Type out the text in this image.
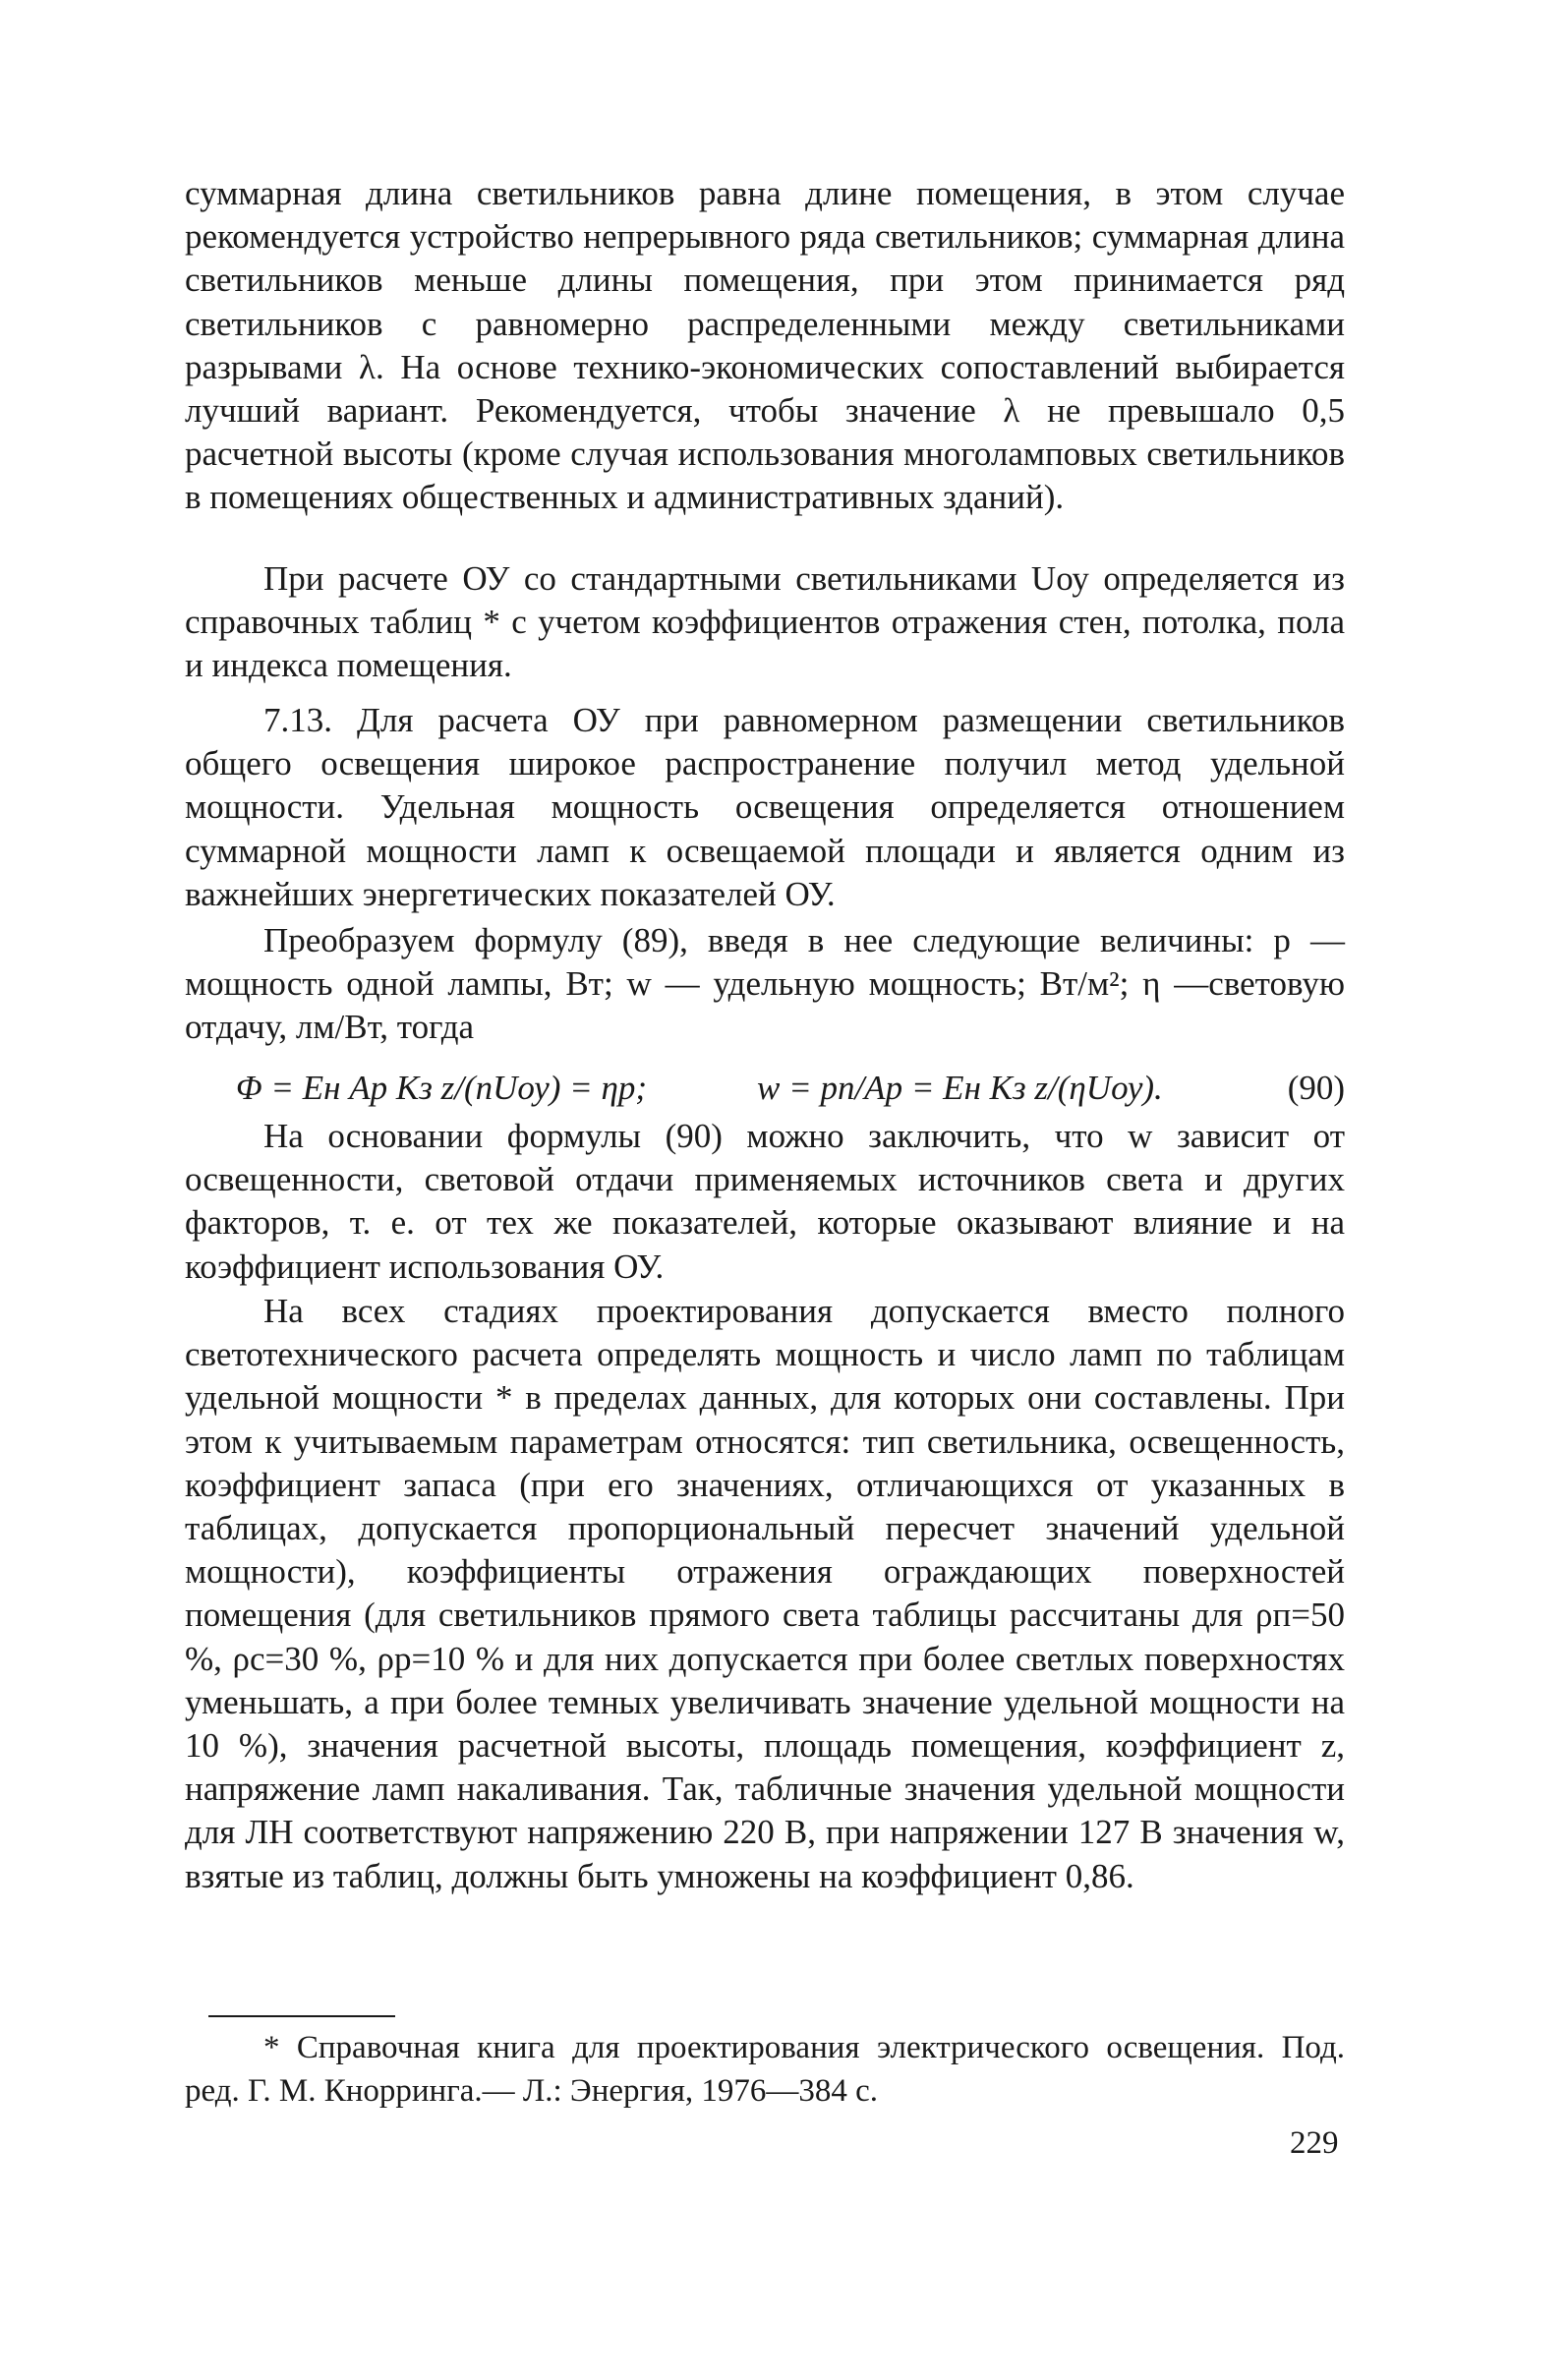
суммарная длина светильников равна длине помещения, в этом случае рекомендуется устройство непрерывного ряда светильников; суммарная длина светильников меньше длины помещения, при этом принимается ряд светильников с равномерно распределенными между светильниками разрывами λ. На основе технико-экономических сопоставлений выбирается лучший вариант. Рекомендуется, чтобы значение λ не превышало 0,5 расчетной высоты (кроме случая использования многоламповых светильников в помещениях общественных и административных зданий).

При расчете ОУ со стандартными светильниками Uоу определяется из справочных таблиц * с учетом коэффициентов отражения стен, потолка, пола и индекса помещения.

7.13. Для расчета ОУ при равномерном размещении светильников общего освещения широкое распространение получил метод удельной мощности. Удельная мощность освещения определяется отношением суммарной мощности ламп к освещаемой площади и является одним из важнейших энергетических показателей ОУ.

Преобразуем формулу (89), введя в нее следующие величины: p — мощность одной лампы, Вт; w — удельную мощность; Вт/м²; η —световую отдачу, лм/Вт, тогда

Φ = Eн Aр Kз z/(nUоу) = ηp;	w = pn/Aр = Eн Kз z/(ηUоу).	(90)

На основании формулы (90) можно заключить, что w зависит от освещенности, световой отдачи применяемых источников света и других факторов, т. е. от тех же показателей, которые оказывают влияние и на коэффициент использования ОУ.

На всех стадиях проектирования допускается вместо полного светотехнического расчета определять мощность и число ламп по таблицам удельной мощности * в пределах данных, для которых они составлены. При этом к учитываемым параметрам относятся: тип светильника, освещенность, коэффициент запаса (при его значениях, отличающихся от указанных в таблицах, допускается пропорциональный пересчет значений удельной мощности), коэффициенты отражения ограждающих поверхностей помещения (для светильников прямого света таблицы рассчитаны для ρп=50 %, ρс=30 %, ρр=10 % и для них допускается при более светлых поверхностях уменьшать, а при более темных увеличивать значение удельной мощности на 10 %), значения расчетной высоты, площадь помещения, коэффициент z, напряжение ламп накаливания. Так, табличные значения удельной мощности для ЛН соответствуют напряжению 220 В, при напряжении 127 В значения w, взятые из таблиц, должны быть умножены на коэффициент 0,86.

* Справочная книга для проектирования электрического освещения. Под. ред. Г. М. Кнорринга.— Л.: Энергия, 1976—384 с.

229
